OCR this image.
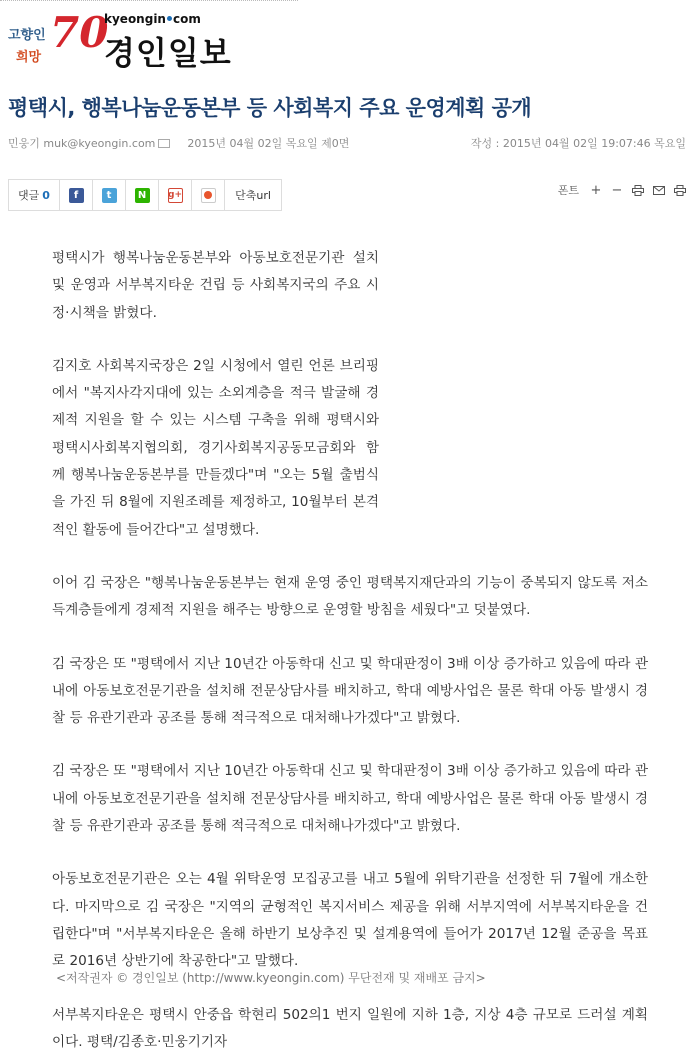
고향인
희망
70
kyeongin com
경인일보
평택시, 행복나눔운동본부 등 사회복지 주요 운영계획 공개
민웅기 muk@kyeongin.com	2015년 04월 02일 목요일 제0면	작성 : 2015년 04월 02일 19:07:46 목요일
댓글 0	f	t	N	g+	단축url	폰트 + −

평택시가 행복나눔운동본부와 아동보호전문기관 설치 및 운영과 서부복지타운 건립 등 사회복지국의 주요 시정·시책을 밝혔다.

김지호 사회복지국장은 2일 시청에서 열린 언론 브리핑에서 "복지사각지대에 있는 소외계층을 적극 발굴해 경제적 지원을 할 수 있는 시스템 구축을 위해 평택시와 평택시사회복지협의회, 경기사회복지공동모금회와 함께 행복나눔운동본부를 만들겠다"며 "오는 5월 출범식을 가진 뒤 8월에 지원조례를 제정하고, 10월부터 본격적인 활동에 들어간다"고 설명했다.

이어 김 국장은 "행복나눔운동본부는 현재 운영 중인 평택복지재단과의 기능이 중복되지 않도록 저소득계층들에게 경제적 지원을 해주는 방향으로 운영할 방침을 세웠다"고 덧붙였다.

김 국장은 또 "평택에서 지난 10년간 아동학대 신고 및 학대판정이 3배 이상 증가하고 있음에 따라 관내에 아동보호전문기관을 설치해 전문상담사를 배치하고, 학대 예방사업은 물론 학대 아동 발생시 경찰 등 유관기관과 공조를 통해 적극적으로 대처해나가겠다"고 밝혔다.

김 국장은 또 "평택에서 지난 10년간 아동학대 신고 및 학대판정이 3배 이상 증가하고 있음에 따라 관내에 아동보호전문기관을 설치해 전문상담사를 배치하고, 학대 예방사업은 물론 학대 아동 발생시 경찰 등 유관기관과 공조를 통해 적극적으로 대처해나가겠다"고 밝혔다.

아동보호전문기관은 오는 4월 위탁운영 모집공고를 내고 5월에 위탁기관을 선정한 뒤 7월에 개소한다. 마지막으로 김 국장은 "지역의 균형적인 복지서비스 제공을 위해 서부지역에 서부복지타운을 건립한다"며 "서부복지타운은 올해 하반기 보상추진 및 설계용역에 들어가 2017년 12월 준공을 목표로 2016년 상반기에 착공한다"고 말했다.

서부복지타운은 평택시 안중읍 학현리 502의1 번지 일원에 지하 1층, 지상 4층 규모로 드러설 계획이다. 평택/김종호·민웅기기자

<저작권자 © 경인일보 (http://www.kyeongin.com) 무단전재 및 재배포 금지>
